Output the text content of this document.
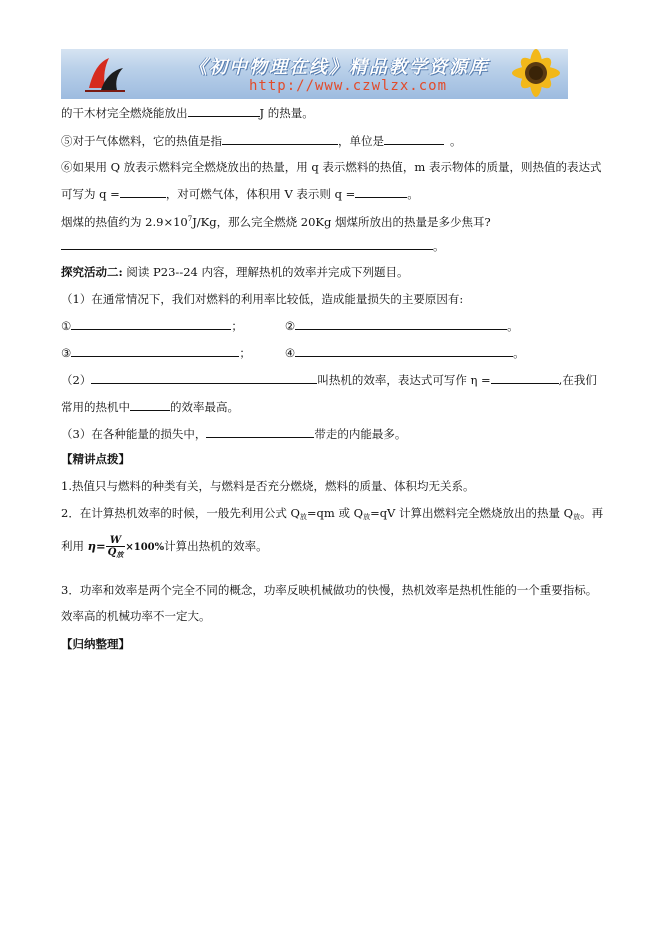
《初中物理在线》精品教学资源库
http://www.czwlzx.com
的干木材完全燃烧能放出	J 的热量。
⑤对于气体燃料，它的热值是指	，单位是	。
⑥如果用 Q 放表示燃料完全燃烧放出的热量，用 q 表示燃料的热值，m 表示物体的质量，则热值的表达式
可写为 q =	，对可燃气体，体积用 V 表示则 q =	。
烟煤的热值约为 $2.9\times 10^7J/Kg$，那么完全燃烧 20Kg 烟煤所放出的热量是多少焦耳?
。
探究活动二: 阅读 P23--24 内容，理解热机的效率并完成下列题目。
（1）在通常情况下，我们对燃料的利用率比较低，造成能量损失的主要原因有:
①	；	②	。
③	；	④	。
（2）	叫热机的效率，表达式可写作 η =	,在我们
常用的热机中	的效率最高。
（3）在各种能量的损失中，	带走的内能最多。
【精讲点拨】
1.热值只与燃料的种类有关，与燃料是否充分燃烧，燃料的质量、体积均无关系。
2．在计算热机效率的时候，一般先利用公式 $Q_放=qm$ 或 $Q_放=qV$ 计算出燃料完全燃烧放出的热量 $Q_放$。再
利用 $\eta= \frac{W}{Q_放} \times 100\%$计算出热机的效率。
3．功率和效率是两个完全不同的概念，功率反映机械做功的快慢，热机效率是热机性能的一个重要指标。
效率高的机械功率不一定大。
【归纳整理】
